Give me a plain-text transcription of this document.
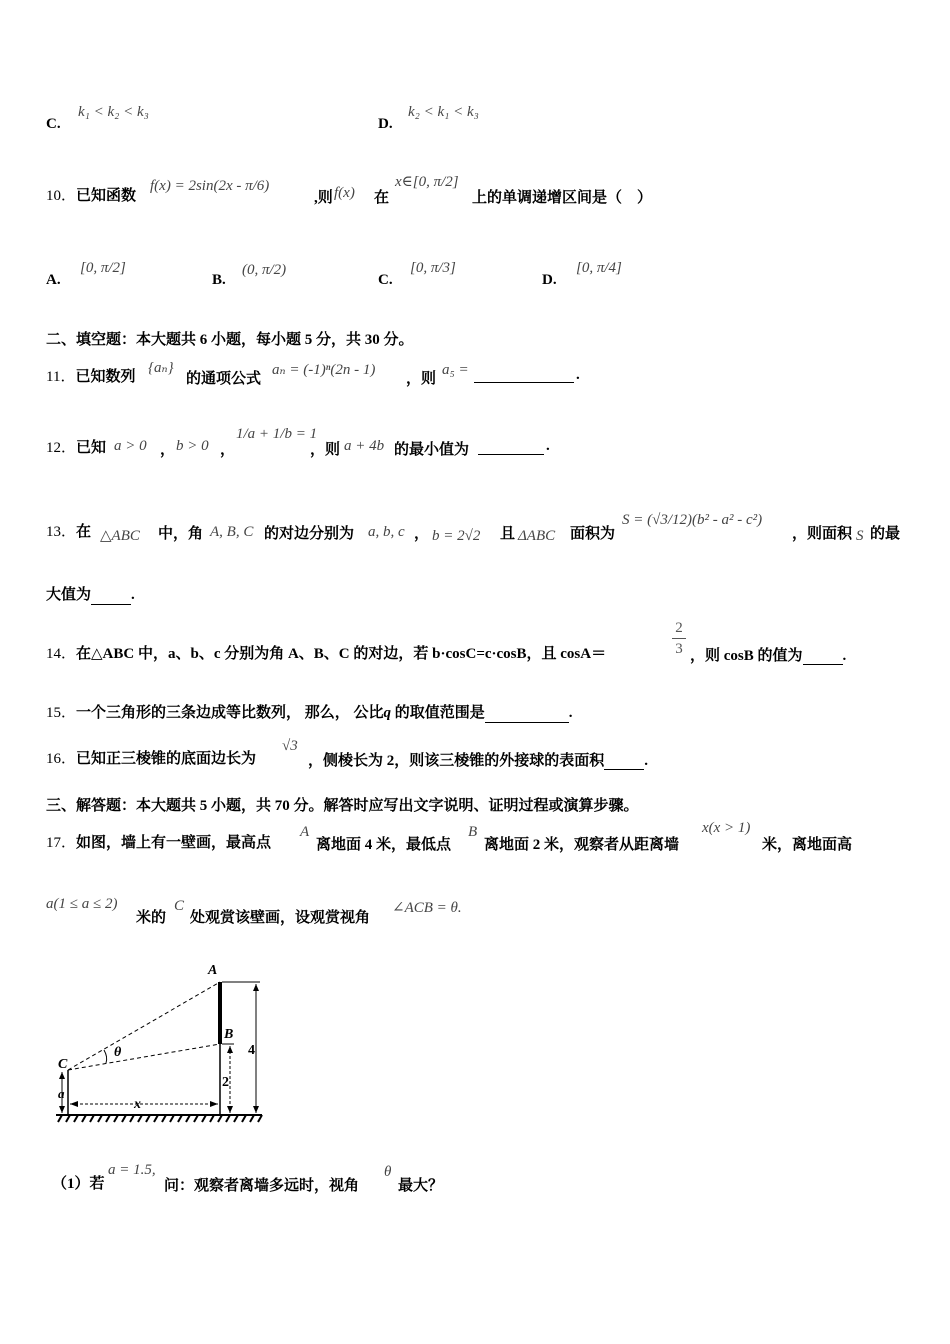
C.
k₁ < k₂ < k₃
D.
k₂ < k₁ < k₃
10．已知函数
f(x) = 2sin(2x - π/6)
,则 f(x) 在
x∈[0, π/2]
上的单调递增区间是（　）
A.
[0, π/2]
B.
(0, π/2)
C.
[0, π/3]
D.
[0, π/4]
二、填空题：本大题共 6 小题，每小题 5 分，共 30 分。
11．已知数列
{aₙ}
的通项公式
aₙ = (-1)ⁿ(2n - 1)
，则
a₅ =	.
12．已知 a > 0 ， b > 0 ，
1/a + 1/b = 1
，则 a + 4b 的最小值为	.
13．在 △ABC 中，角 A, B, C 的对边分别为 a, b, c ， b = 2√2 且 ΔABC 面积为
S = (√3/12)(b² - a² - c²)
，则面积 S 的最
大值为	.
14．在△ABC 中，a、b、c 分别为角 A、B、C 的对边，若 b·cosC=c·cosB，且 cosA＝	$\frac{2}{3}$ ，则 cosB 的值为	.
15．一个三角形的三条边成等比数列， 那么， 公比q 的取值范围是	.
16．已知正三棱锥的底面边长为
√3
，侧棱长为 2，则该三棱锥的外接球的表面积	.
三、解答题：本大题共 5 小题，共 70 分。解答时应写出文字说明、证明过程或演算步骤。
17．如图，墙上有一壁画，最高点
A
离地面 4 米，最低点
B
离地面 2 米，观察者从距离墙
x(x > 1)
米，离地面高
a(1 ≤ a ≤ 2)
米的
C
处观赏该壁画，设观赏视角
∠ACB = θ.
A
B
C
θ	4
2
x
a
（1）若
a = 1.5,
问：观察者离墙多远时，视角
θ
最大？
